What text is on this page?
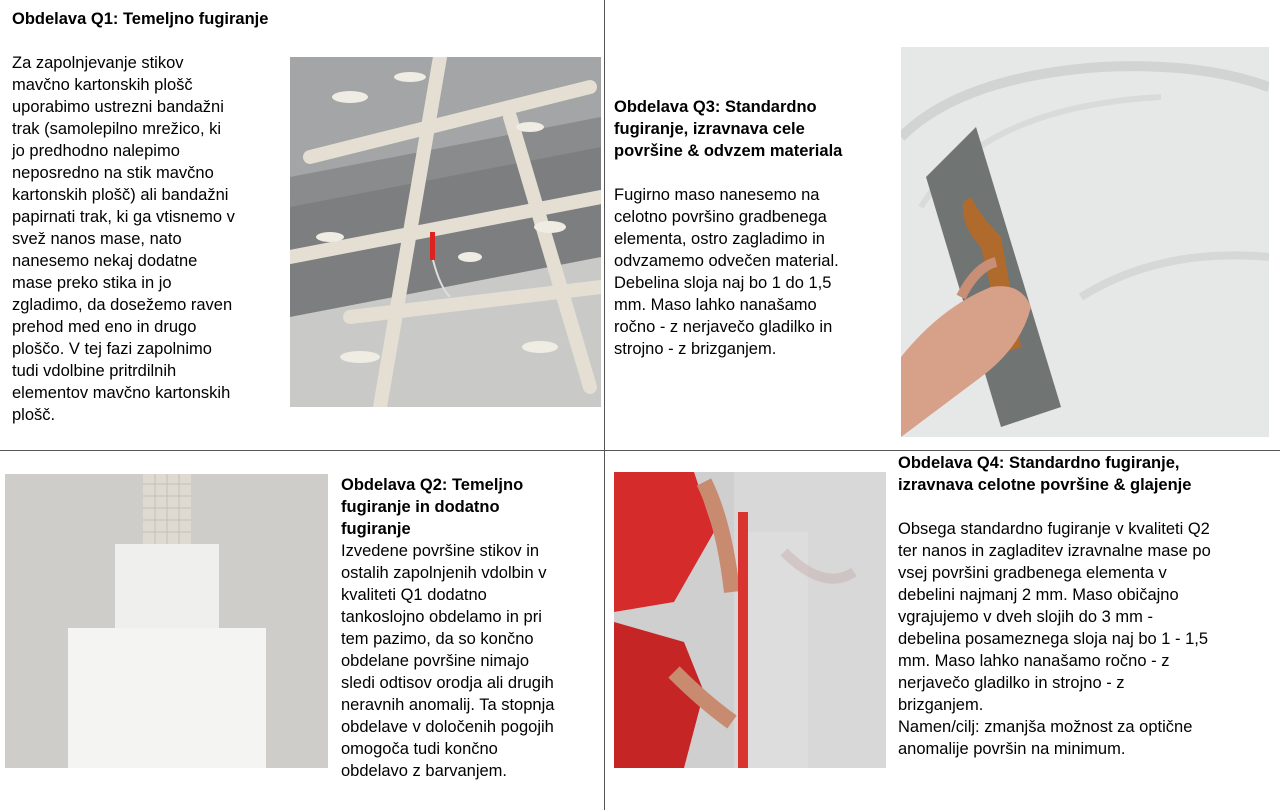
Obdelava Q1: Temeljno fugiranje

Za zapolnjevanje stikov
mavčno kartonskih plošč
uporabimo ustrezni bandažni
trak (samolepilno mrežico, ki
jo predhodno nalepimo
neposredno na stik mavčno
kartonskih plošč) ali bandažni
papirnati trak, ki ga vtisnemo v
svež nanos mase, nato
nanesemo nekaj dodatne
mase preko stika in jo
zgladimo, da dosežemo raven
prehod med eno in drugo
ploščo. V tej fazi zapolnimo
tudi vdolbine pritrdilnih
elementov mavčno kartonskih
plošč.

Obdelava Q3: Standardno
fugiranje, izravnava cele
površine & odvzem materiala

Fugirno maso nanesemo na
celotno površino gradbenega
elementa, ostro zagladimo in
odvzamemo odvečen material.
Debelina sloja naj bo 1 do 1,5
mm. Maso lahko nanašamo
ročno - z nerjavečo gladilko in
strojno - z brizganjem.

Obdelava Q2: Temeljno
fugiranje in dodatno
fugiranje

Izvedene površine stikov in
ostalih zapolnjenih vdolbin v
kvaliteti Q1 dodatno
tankoslojno obdelamo in pri
tem pazimo, da so končno
obdelane površine nimajo
sledi odtisov orodja ali drugih
neravnih anomalij. Ta stopnja
obdelave v določenih pogojih
omogoča tudi končno
obdelavo z barvanjem.

Obdelava Q4: Standardno fugiranje,
izravnava celotne površine & glajenje

Obsega standardno fugiranje v kvaliteti Q2
ter nanos in zagladitev izravnalne mase po
vsej površini gradbenega elementa v
debelini najmanj 2 mm. Maso običajno
vgrajujemo v dveh slojih do 3 mm -
debelina posameznega sloja naj bo 1 - 1,5
mm. Maso lahko nanašamo ročno - z
nerjavečo gladilko in strojno - z
brizganjem.
Namen/cilj: zmanjša možnost za optične
anomalije površin na minimum.
